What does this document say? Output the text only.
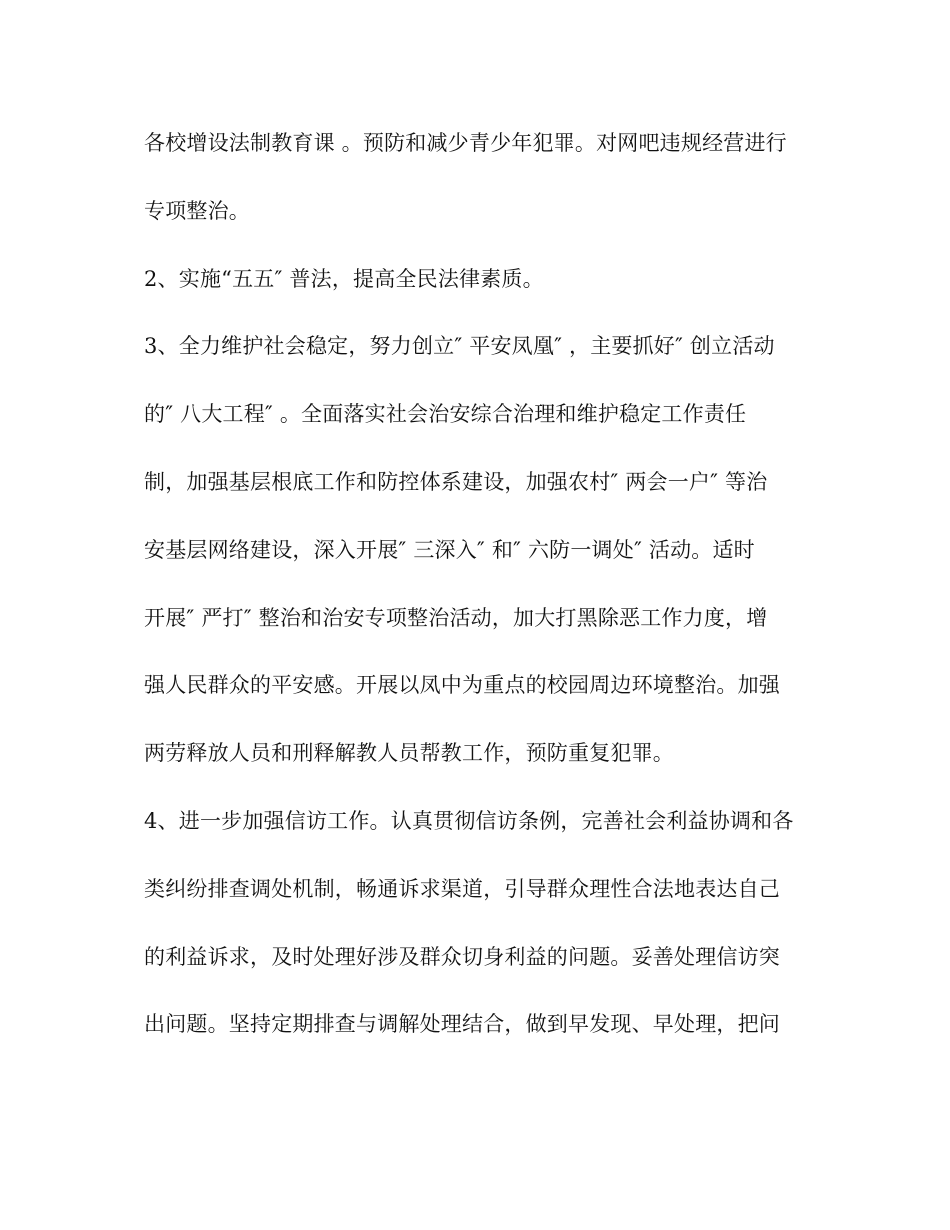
各校增设法制教育课 。预防和减少青少年犯罪。对网吧违规经营进行
专项整治。
2、实施“五五″ 普法，提高全民法律素质。
3、全力维护社会稳定，努力创立″ 平安凤凰″ ，主要抓好″ 创立活动
的″ 八大工程″ 。全面落实社会治安综合治理和维护稳定工作责任
制，加强基层根底工作和防控体系建设，加强农村″ 两会一户″ 等治
安基层网络建设，深入开展″ 三深入″ 和″ 六防一调处″ 活动。适时
开展″ 严打″ 整治和治安专项整治活动，加大打黑除恶工作力度，增
强人民群众的平安感。开展以凤中为重点的校园周边环境整治。加强
两劳释放人员和刑释解教人员帮教工作，预防重复犯罪。
4、进一步加强信访工作。认真贯彻信访条例，完善社会利益协调和各
类纠纷排查调处机制，畅通诉求渠道，引导群众理性合法地表达自己
的利益诉求，及时处理好涉及群众切身利益的问题。妥善处理信访突
出问题。坚持定期排查与调解处理结合，做到早发现、早处理，把问
